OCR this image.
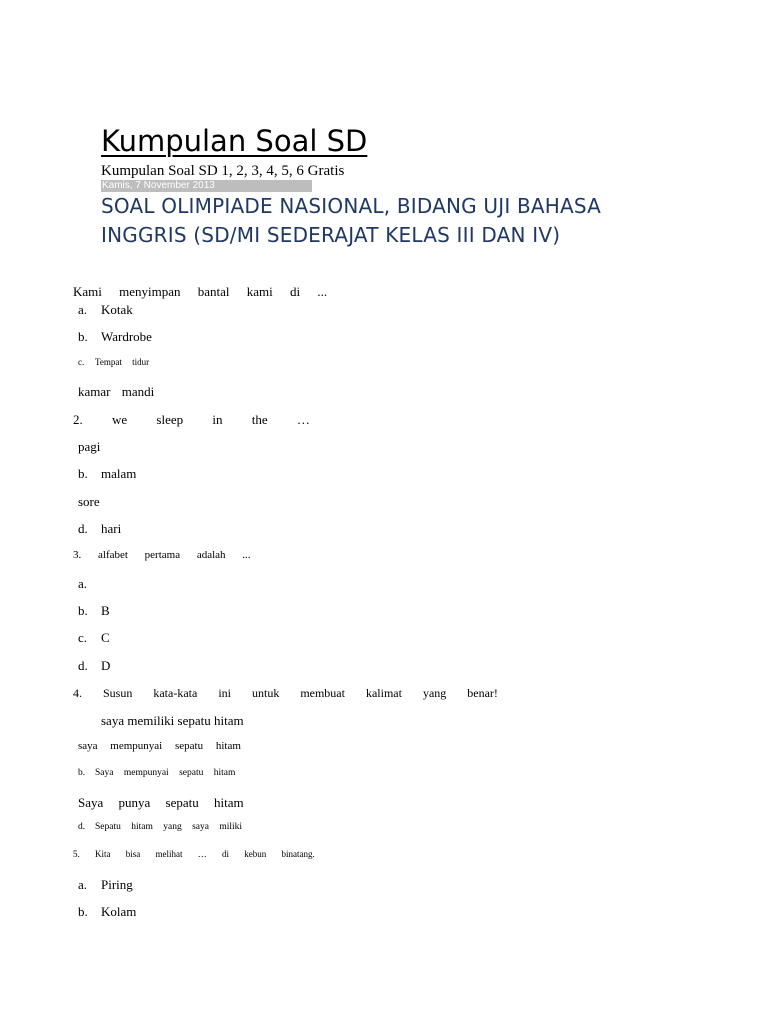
Kumpulan Soal SD
Kumpulan Soal SD 1, 2, 3, 4, 5, 6 Gratis
Kamis, 7 November 2013
SOAL OLIMPIADE NASIONAL, BIDANG UJI BAHASA INGGRIS (SD/MI SEDERAJAT KELAS III DAN IV)
Kami menyimpan bantal kami di ...
a. Kotak
b. Wardrobe
c. Tempat tidur
kamar mandi
2. we sleep in the …
pagi
b. malam
sore
d. hari
3. alfabet pertama adalah ...
a.
b. B
c. C
d. D
4. Susun kata-kata ini untuk membuat kalimat yang benar!
saya memiliki sepatu hitam
saya mempunyai sepatu hitam
b. Saya mempunyai sepatu hitam
Saya punya sepatu hitam
d. Sepatu hitam yang saya miliki
5. Kita bisa melihat … di kebun binatang.
a. Piring
b. Kolam
